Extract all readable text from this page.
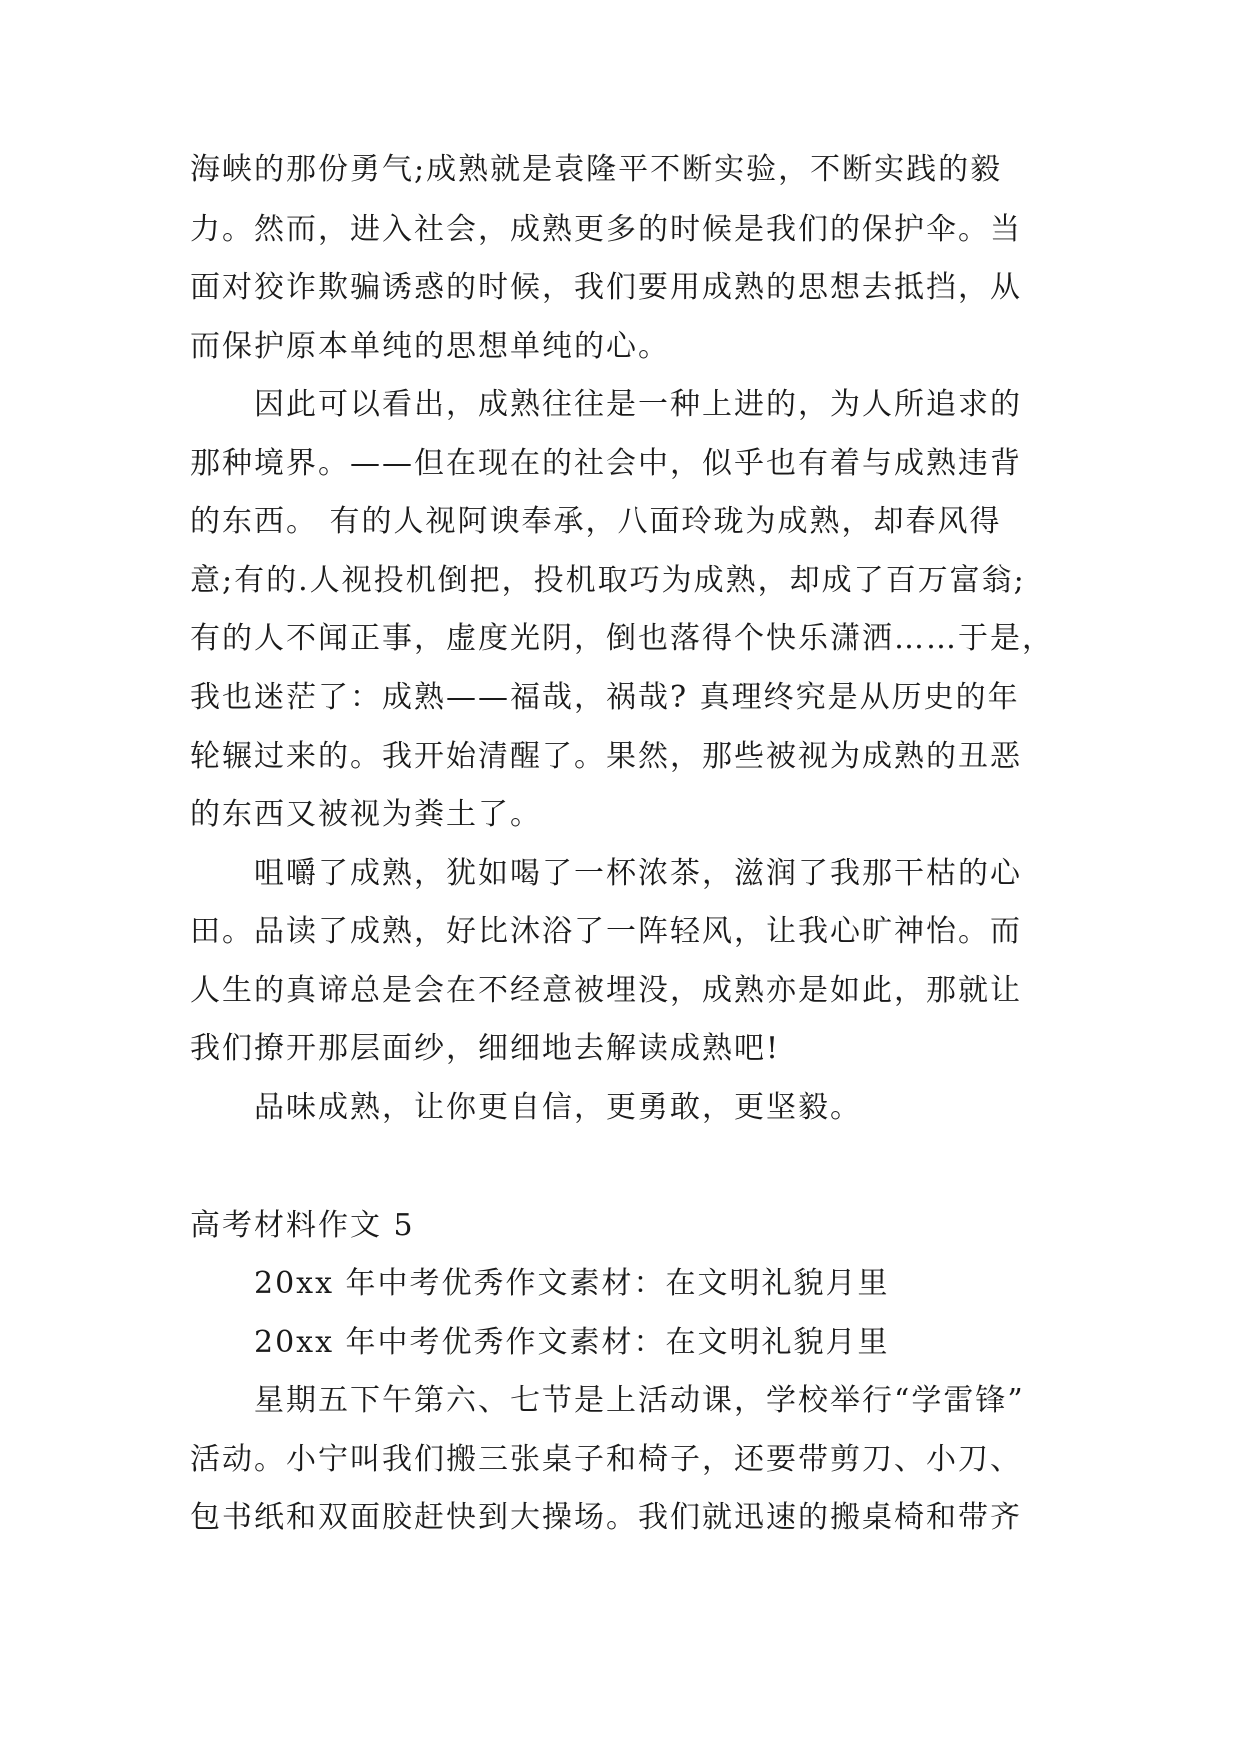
海峡的那份勇气;成熟就是袁隆平不断实验，不断实践的毅
力。然而，进入社会，成熟更多的时候是我们的保护伞。当
面对狡诈欺骗诱惑的时候，我们要用成熟的思想去抵挡，从
而保护原本单纯的思想单纯的心。
因此可以看出，成熟往往是一种上进的，为人所追求的
那种境界。——但在现在的社会中，似乎也有着与成熟违背
的东西。 有的人视阿谀奉承，八面玲珑为成熟，却春风得
意;有的.人视投机倒把，投机取巧为成熟，却成了百万富翁;
有的人不闻正事，虚度光阴，倒也落得个快乐潇洒……于是，
我也迷茫了：成熟——福哉，祸哉? 真理终究是从历史的年
轮辗过来的。我开始清醒了。果然，那些被视为成熟的丑恶
的东西又被视为粪土了。
咀嚼了成熟，犹如喝了一杯浓茶，滋润了我那干枯的心
田。品读了成熟，好比沐浴了一阵轻风，让我心旷神怡。而
人生的真谛总是会在不经意被埋没，成熟亦是如此，那就让
我们撩开那层面纱，细细地去解读成熟吧!
品味成熟，让你更自信，更勇敢，更坚毅。
高考材料作文 5
20xx 年中考优秀作文素材：在文明礼貌月里
20xx 年中考优秀作文素材：在文明礼貌月里
星期五下午第六、七节是上活动课，学校举行“学雷锋”
活动。小宁叫我们搬三张桌子和椅子，还要带剪刀、小刀、
包书纸和双面胶赶快到大操场。我们就迅速的搬桌椅和带齐
